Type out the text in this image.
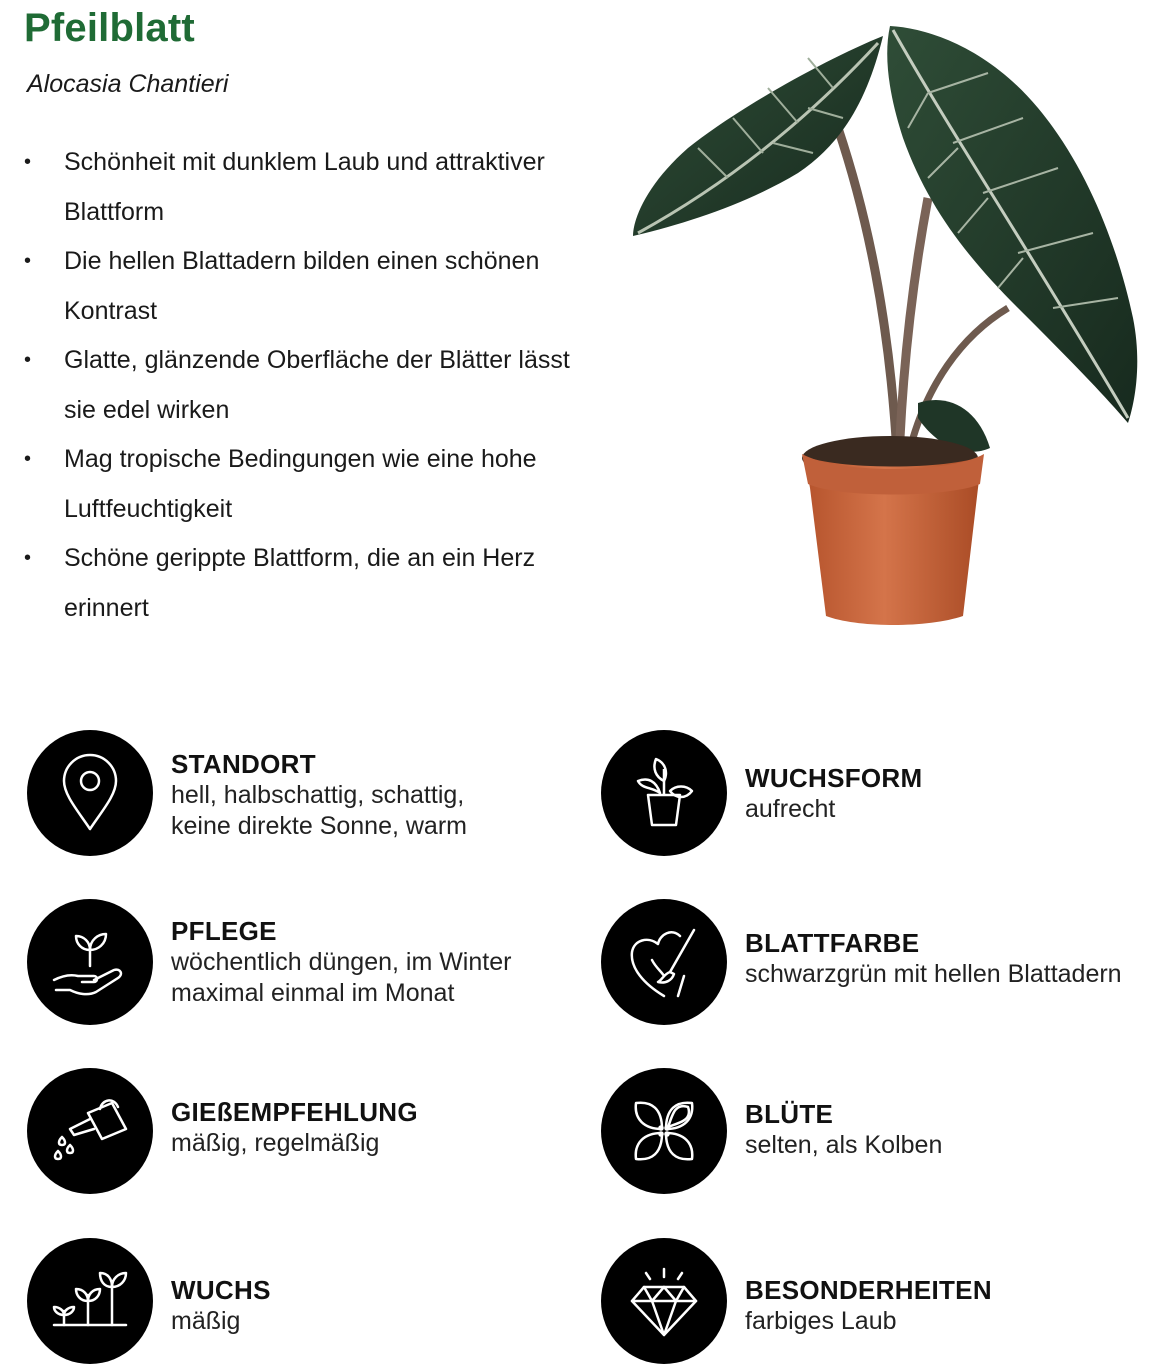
Pfeilblatt
Alocasia Chantieri
• Schönheit mit dunklem Laub und attraktiver Blattform
• Die hellen Blattadern bilden einen schönen Kontrast
• Glatte, glänzende Oberfläche der Blätter lässt sie edel wirken
• Mag tropische Bedingungen wie eine hohe Luftfeuchtigkeit
• Schöne gerippte Blattform, die an ein Herz erinnert
STANDORT
hell, halbschattig, schattig,
keine direkte Sonne, warm
WUCHSFORM
aufrecht
PFLEGE
wöchentlich düngen, im Winter
maximal einmal im Monat
BLATTFARBE
schwarzgrün mit hellen Blattadern
GIEßEMPFEHLUNG
mäßig, regelmäßig
BLÜTE
selten, als Kolben
WUCHS
mäßig
BESONDERHEITEN
farbiges Laub
